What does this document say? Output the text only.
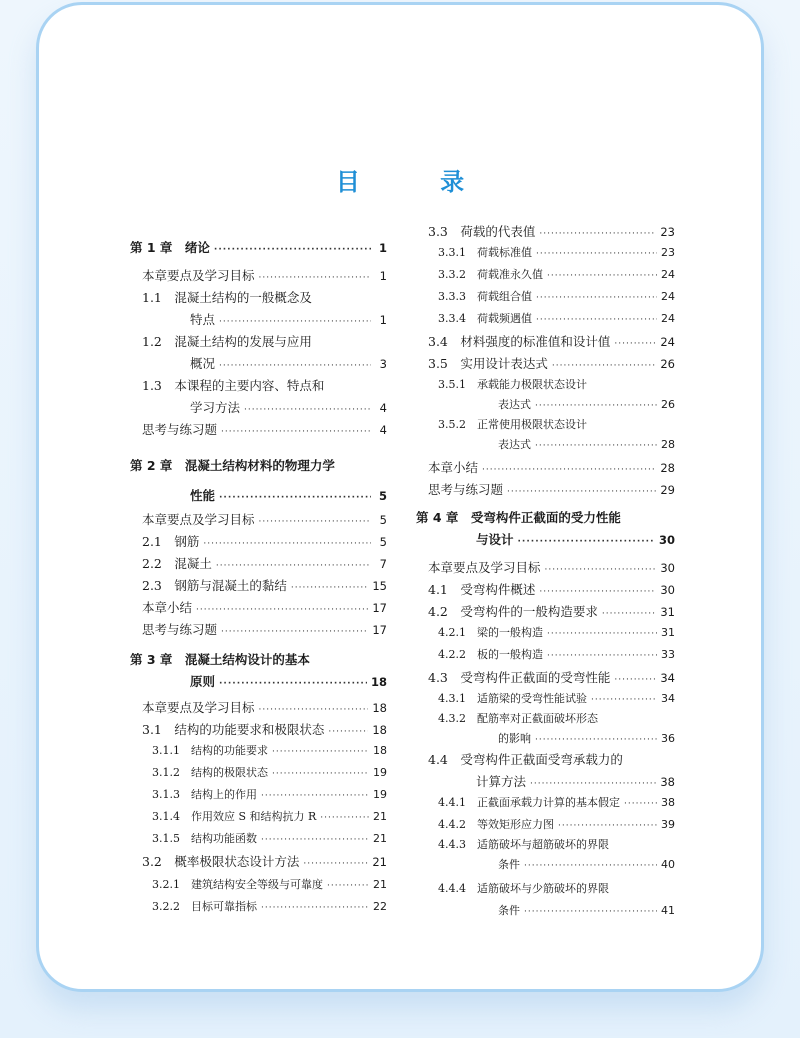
目 录
第 1 章　绪论 ·····	1
本章要点及学习目标 ·····	1
1.1　混凝土结构的一般概念及
特点 ·····	1
1.2　混凝土结构的发展与应用
概况 ·····	3
1.3　本课程的主要内容、特点和
学习方法 ·····	4
思考与练习题 ·····	4
第 2 章　混凝土结构材料的物理力学
性能 ·····	5
本章要点及学习目标 ·····	5
2.1　钢筋 ·····	5
2.2　混凝土 ·····	7
2.3　钢筋与混凝土的黏结 ·····	15
本章小结 ·····	17
思考与练习题 ·····	17
第 3 章　混凝土结构设计的基本
原则 ·····	18
本章要点及学习目标 ·····	18
3.1　结构的功能要求和极限状态 ·····	18
3.1.1　结构的功能要求 ·····	18
3.1.2　结构的极限状态 ·····	19
3.1.3　结构上的作用 ·····	19
3.1.4　作用效应 S 和结构抗力 R ·····	21
3.1.5　结构功能函数 ·····	21
3.2　概率极限状态设计方法 ·····	21
3.2.1　建筑结构安全等级与可靠度 ·····	21
3.2.2　目标可靠指标 ·····	22
3.3　荷载的代表值 ·····	23
3.3.1　荷载标准值 ·····	23
3.3.2　荷载准永久值 ·····	24
3.3.3　荷载组合值 ·····	24
3.3.4　荷载频遇值 ·····	24
3.4　材料强度的标准值和设计值 ·····	24
3.5　实用设计表达式 ·····	26
3.5.1　承载能力极限状态设计
表达式 ·····	26
3.5.2　正常使用极限状态设计
表达式 ·····	28
本章小结 ·····	28
思考与练习题 ·····	29
第 4 章　受弯构件正截面的受力性能
与设计 ·····	30
本章要点及学习目标 ·····	30
4.1　受弯构件概述 ·····	30
4.2　受弯构件的一般构造要求 ·····	31
4.2.1　梁的一般构造 ·····	31
4.2.2　板的一般构造 ·····	33
4.3　受弯构件正截面的受弯性能 ·····	34
4.3.1　适筋梁的受弯性能试验 ·····	34
4.3.2　配筋率对正截面破坏形态
的影响 ·····	36
4.4　受弯构件正截面受弯承载力的
计算方法 ·····	38
4.4.1　正截面承载力计算的基本假定 ·····	38
4.4.2　等效矩形应力图 ·····	39
4.4.3　适筋破坏与超筋破坏的界限
条件 ·····	40
4.4.4　适筋破坏与少筋破坏的界限
条件 ·····	41
